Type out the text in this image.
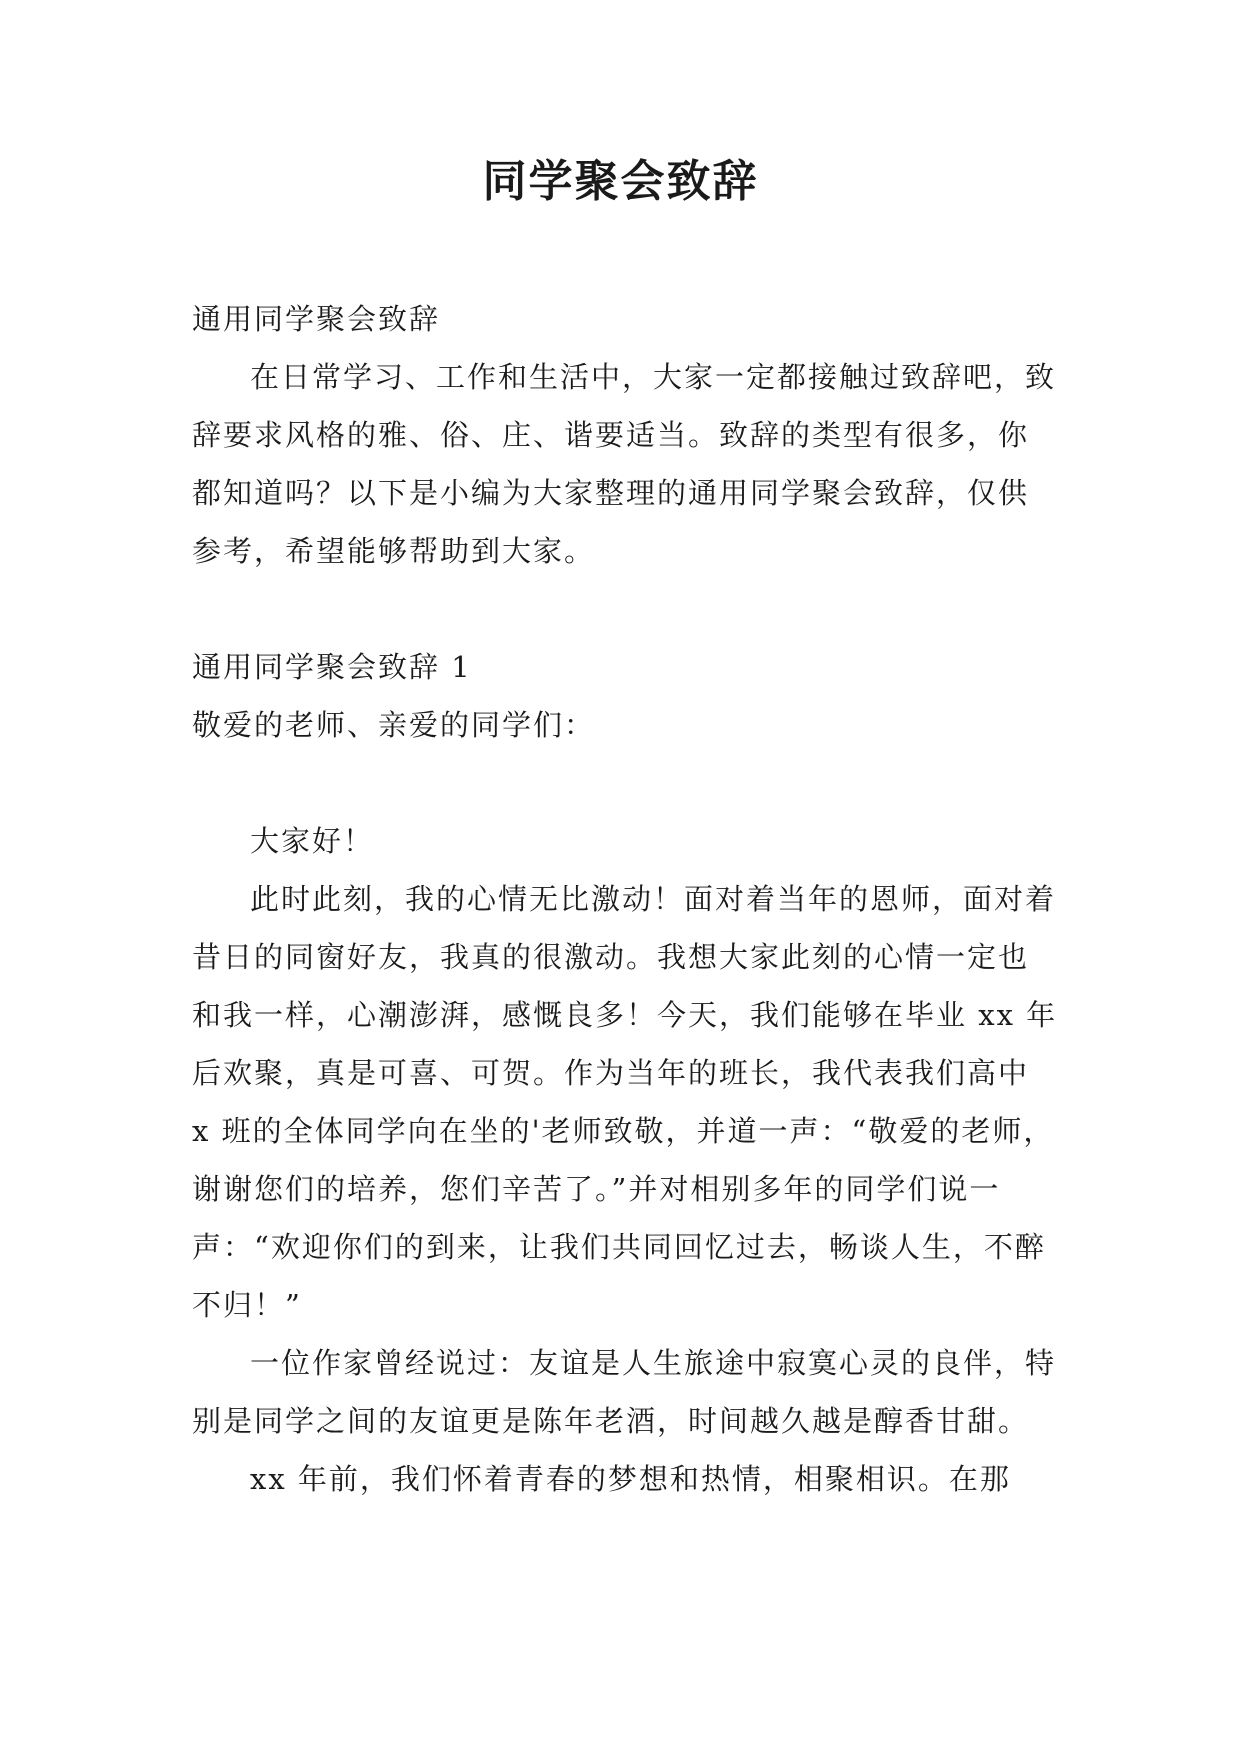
同学聚会致辞

通用同学聚会致辞

在日常学习、工作和生活中，大家一定都接触过致辞吧，致辞要求风格的雅、俗、庄、谐要适当。致辞的类型有很多，你都知道吗？以下是小编为大家整理的通用同学聚会致辞，仅供参考，希望能够帮助到大家。

通用同学聚会致辞 1

敬爱的老师、亲爱的同学们：

大家好！

此时此刻，我的心情无比激动！面对着当年的恩师，面对着昔日的同窗好友，我真的很激动。我想大家此刻的心情一定也和我一样，心潮澎湃，感慨良多！今天，我们能够在毕业 xx 年后欢聚，真是可喜、可贺。作为当年的班长，我代表我们高中 x 班的全体同学向在坐的'老师致敬，并道一声：“敬爱的老师，谢谢您们的培养，您们辛苦了。”并对相别多年的同学们说一声：“欢迎你们的到来，让我们共同回忆过去，畅谈人生，不醉不归！”

一位作家曾经说过：友谊是人生旅途中寂寞心灵的良伴，特别是同学之间的友谊更是陈年老酒，时间越久越是醇香甘甜。

xx 年前，我们怀着青春的梦想和热情，相聚相识。在那
